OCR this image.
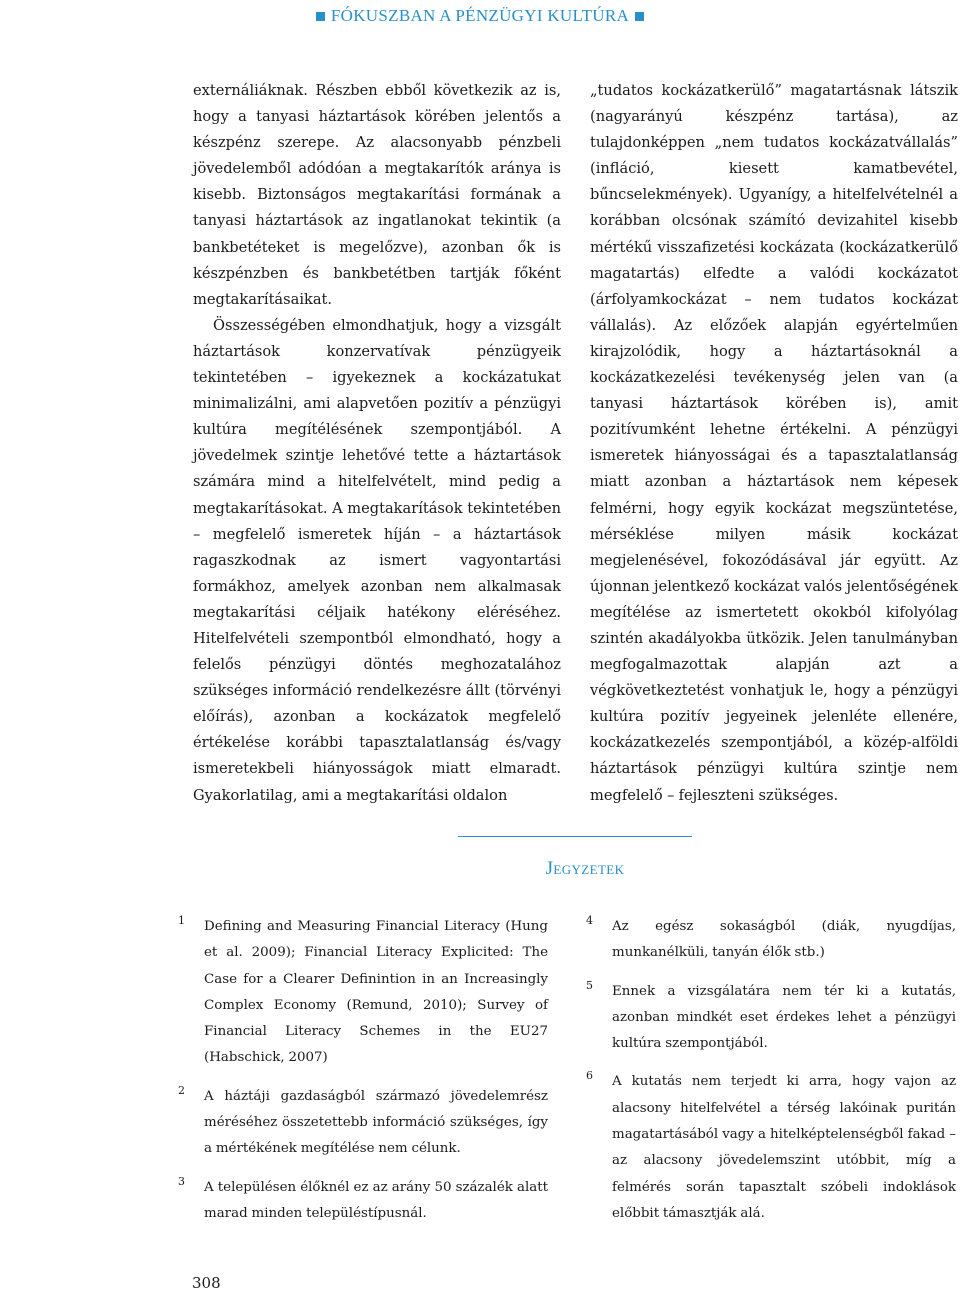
FÓKUSZBAN A PÉNZÜGYI KULTÚRA

externáliáknak. Részben ebből következik az is, hogy a tanyasi háztartások körében jelentős a készpénz szerepe. Az alacsonyabb pénzbeli jövedelemből adódóan a megtakarítók aránya is kisebb. Biztonságos megtakarítási formának a tanyasi háztartások az ingatlanokat tekintik (a bankbetéteket is megelőzve), azonban ők is készpénzben és bankbetétben tartják főként megtakarításaikat.

Összességében elmondhatjuk, hogy a vizsgált háztartások konzervatívak pénzügyeik tekintetében – igyekeznek a kockázatukat minimalizálni, ami alapvetően pozitív a pénzügyi kultúra megítélésének szempontjából. A jövedelmek szintje lehetővé tette a háztartások számára mind a hitelfelvételt, mind pedig a megtakarításokat. A megtakarítások tekintetében – megfelelő ismeretek híján – a háztartások ragaszkodnak az ismert vagyontartási formákhoz, amelyek azonban nem alkalmasak megtakarítási céljaik hatékony eléréséhez. Hitelfelvételi szempontból elmondható, hogy a felelős pénzügyi döntés meghozatalához szükséges információ rendelkezésre állt (törvényi előírás), azonban a kockázatok megfelelő értékelése korábbi tapasztalatlanság és/vagy ismeretekbeli hiányosságok miatt elmaradt. Gyakorlatilag, ami a megtakarítási oldalon

„tudatos kockázatkerülő” magatartásnak látszik (nagyarányú készpénz tartása), az tulajdonképpen „nem tudatos kockázatvállalás” (infláció, kiesett kamatbevétel, bűncselekmények). Ugyanígy, a hitelfelvételnél a korábban olcsónak számító devizahitel kisebb mértékű visszafizetési kockázata (kockázatkerülő magatartás) elfedte a valódi kockázatot (árfolyamkockázat – nem tudatos kockázat vállalás). Az előzőek alapján egyértelműen kirajzolódik, hogy a háztartásoknál a kockázatkezelési tevékenység jelen van (a tanyasi háztartások körében is), amit pozitívumként lehetne értékelni. A pénzügyi ismeretek hiányosságai és a tapasztalatlanság miatt azonban a háztartások nem képesek felmérni, hogy egyik kockázat megszüntetése, mérséklése milyen másik kockázat megjelenésével, fokozódásával jár együtt. Az újonnan jelentkező kockázat valós jelentőségének megítélése az ismertetett okokból kifolyólag szintén akadályokba ütközik. Jelen tanulmányban megfogalmazottak alapján azt a végkövetkeztetést vonhatjuk le, hogy a pénzügyi kultúra pozitív jegyeinek jelenléte ellenére, kockázatkezelés szempontjából, a közép-alföldi háztartások pénzügyi kultúra szintje nem megfelelő – fejleszteni szükséges.

Jegyzetek
1 Defining and Measuring Financial Literacy (Hung et al. 2009); Financial Literacy Explicited: The Case for a Clearer Definintion in an Increasingly Complex Economy (Remund, 2010); Survey of Financial Literacy Schemes in the EU27 (Habschick, 2007)
2 A háztáji gazdaságból származó jövedelemrész méréséhez összetettebb információ szükséges, így a mértékének megítélése nem célunk.
3 A településen élőknél ez az arány 50 százalék alatt marad minden településtípusnál.
4 Az egész sokaságból (diák, nyugdíjas, munkanélküli, tanyán élők stb.)
5 Ennek a vizsgálatára nem tér ki a kutatás, azonban mindkét eset érdekes lehet a pénzügyi kultúra szempontjából.
6 A kutatás nem terjedt ki arra, hogy vajon az alacsony hitelfelvétel a térség lakóinak puritán magatartásából vagy a hitelképtelenségből fakad – az alacsony jövedelemszint utóbbit, míg a felmérés során tapasztalt szóbeli indoklások előbbit támasztják alá.
308
